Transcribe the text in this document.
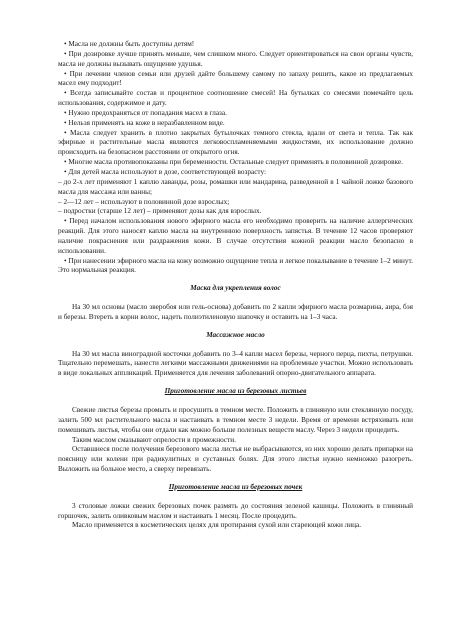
• Масла не должны быть доступны детям!

• При дозировке лучше принять меньше, чем слишком много. Следует ориентироваться на свои органы чувств, масла не должны вызывать ощущение удушья.

• При лечении членов семьи или друзей дайте большему самому по запаху решить, какое из предлагаемых масел ему подходит!

• Всегда записывайте состав и процентное соотношение смесей! На бутылках со смесями помечайте цель использования, содержимое и дату.

• Нужно предохраняться от попадания масел в глаза.

• Нельзя применять на коже в неразбавленном виде.

• Масла следует хранить в плотно закрытых бутылочках темного стекла, вдали от света и тепла. Так как эфирные и растительные масла являются легковоспламеняемыми жидкостями, их использование должно происходить на безопасном расстоянии от открытого огня.

• Многие масла противопоказаны при беременности. Остальные следует применять в половинной дозировке.

• Для детей масла используют в дозе, соответствующей возрасту:

– до 2-х лет применяют 1 каплю лаванды, розы, ромашки или мандарина, разведенной в 1 чайной ложке базового масла для массажа или ванны;

– 2—12 лет – используют в половинной дозе взрослых;

– подростки (старше 12 лет) – применяют дозы как для взрослых.

• Перед началом использования нового эфирного масла его необходимо проверить на наличие аллергических реакций. Для этого наносят каплю масла на внутреннюю поверхность запястья. В течение 12 часов проверяют наличие покраснения или раздражения кожи. В случае отсутствия кожной реакции масло безопасно в использовании.

• При нанесении эфирного масла на кожу возможно ощущение тепла и легкое покалывание в течение 1–2 минут. Это нормальная реакция.

Маска для укрепления волос

На 30 мл основы (масло зверобоя или гель-основа) добавить по 2 капли эфирного масла розмарина, аира, бэя и березы. Втереть в корни волос, надеть полиэтиленовую шапочку и оставить на 1–3 часа.

Массажное масло

На 30 мл масла виноградной косточки добавить по 3–4 капли масел березы, черного перца, пихты, петрушки. Тщательно перемешать, нанести легкими массажными движениями на проблемные участки. Можно использовать в виде локальных аппликаций. Применяется для лечения заболеваний опорно-двигательного аппарата.

Приготовление масла из березовых листьев

Свежие листья березы промыть и просушить в темном месте. Положить в глиняную или стеклянную посуду, залить 500 мл растительного масла и настаивать в темном месте 3 недели. Время от времени встряхивать или помешивать листья, чтобы они отдали как можно больше полезных веществ маслу. Через 3 недели процедить.

Таким маслом смазывают опрелости в промежности.

Оставшиеся после получения березового масла листья не выбрасываются, из них хорошо делать припарки на поясницу или колени при радикулитных и суставных болях. Для этого листья нужно немножко разогреть. Выложить на больное место, а сверху перевязать.

Приготовление масла из березовых почек

3 столовые ложки свежих березовых почек размять до состояния зеленой кашицы. Положить в глиняный горшочек, залить оливковым маслом и настаивать 1 месяц. После процедить.

Масло применяется в косметических целях для протирания сухой или стареющей кожи лица.
